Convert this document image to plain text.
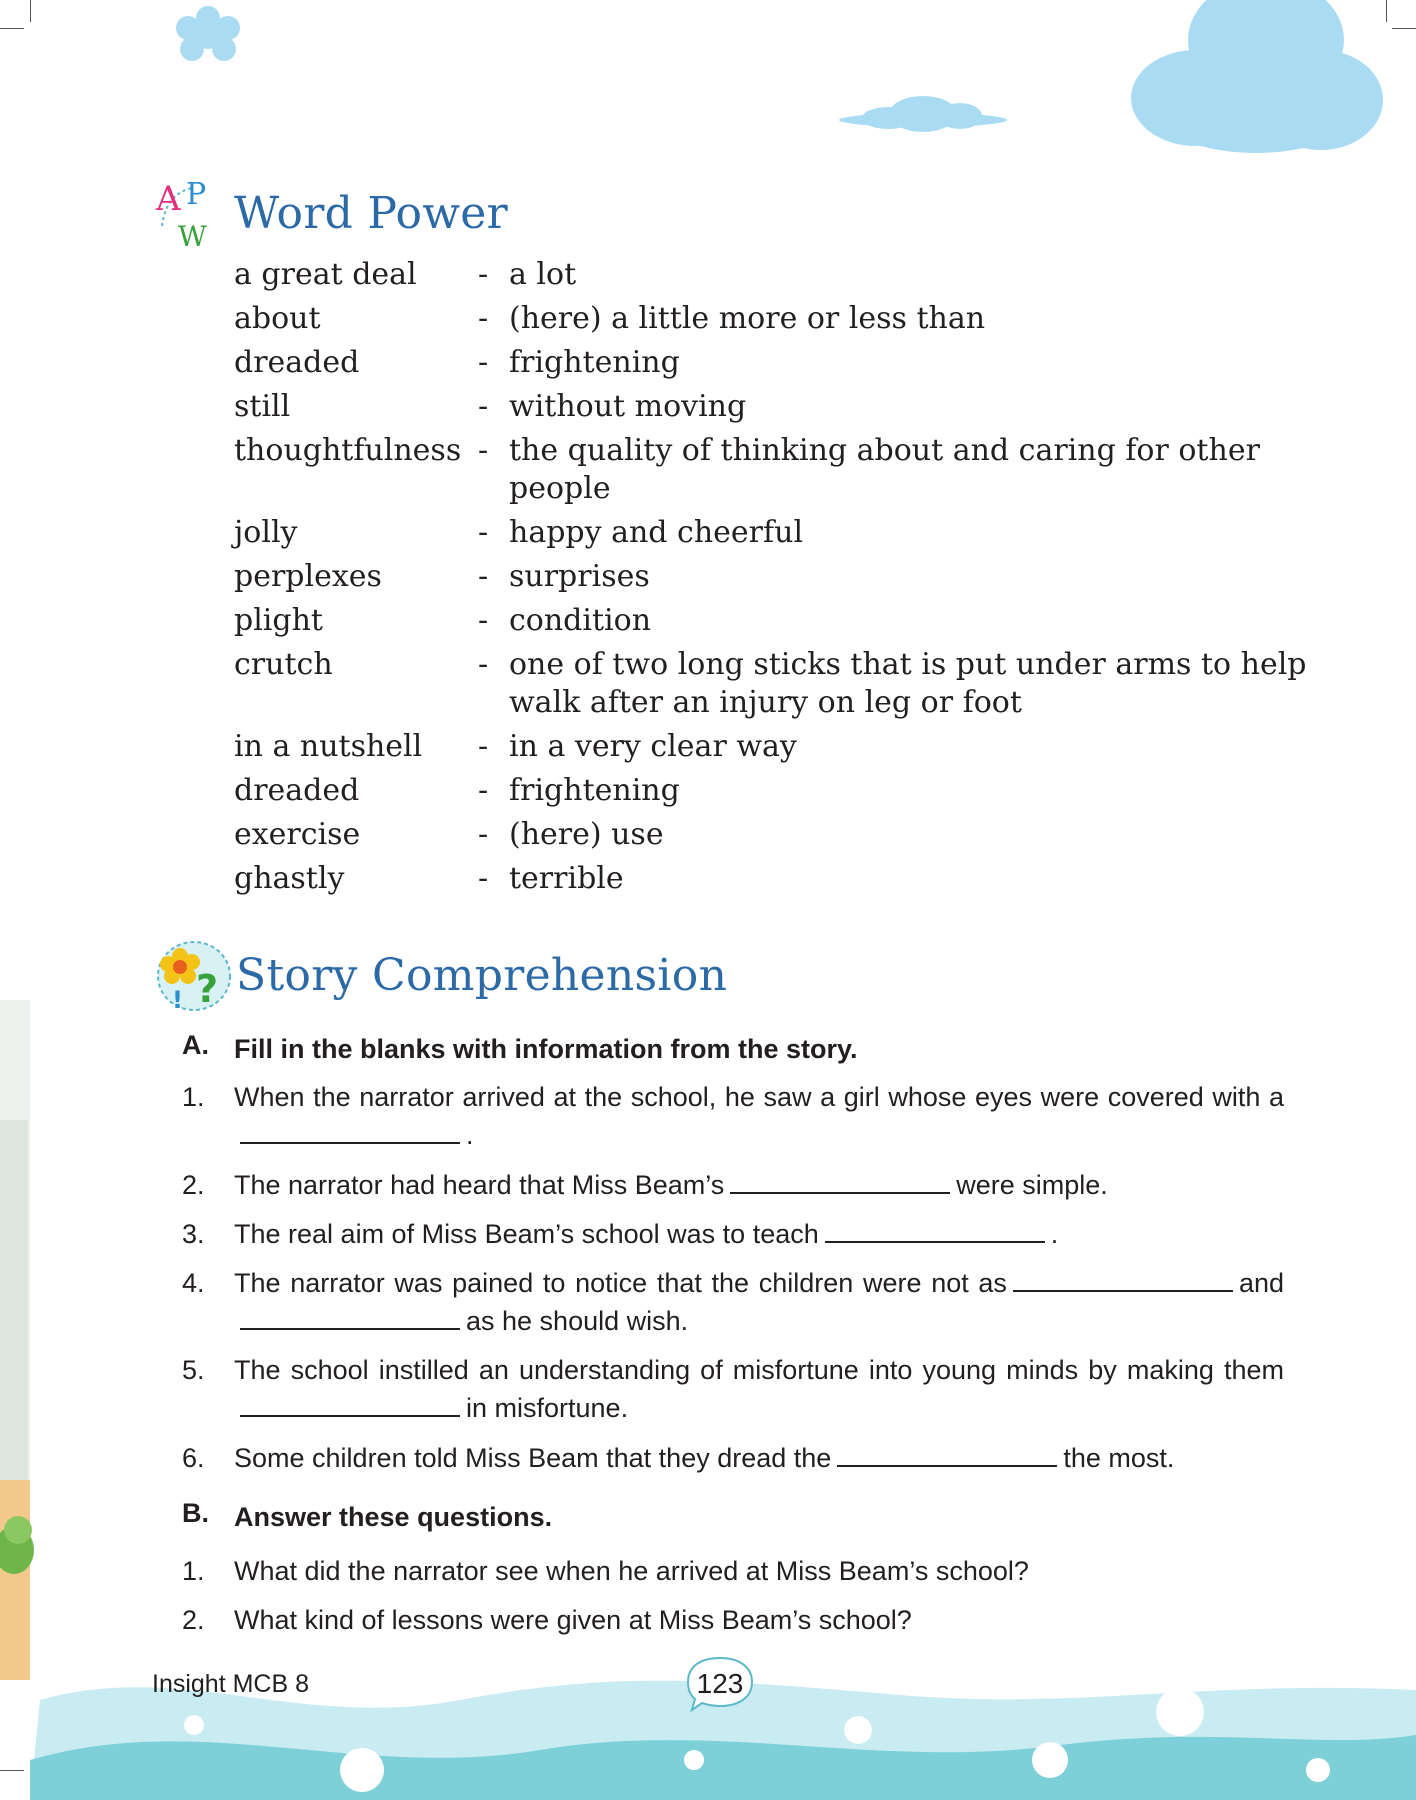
A P
W Word Power
a great deal - a lot
about	- (here) a little more or less than
dreaded	- frightening
still	- without moving
thoughtfulness - the quality of thinking about and caring for other people
jolly	- happy and cheerful
perplexes	- surprises
plight	- condition
crutch	- one of two long sticks that is put under arms to help walk after an injury on leg or foot
in a nutshell - in a very clear way
dreaded	- frightening
exercise	- (here) use
ghastly	- terrible
?
! Story Comprehension
A. Fill in the blanks with information from the story.
1. When the narrator arrived at the school, he saw a girl whose eyes were covered with a.
2. The narrator had heard that Miss Beam’s	were simple.
3. The real aim of Miss Beam’s school was to teach	.
4. The narrator was pained to notice that the children were not as	andas he should wish.
5. The school instilled an understanding of misfortune into young minds by making themin misfortune.
6. Some children told Miss Beam that they dread the	the most.
B. Answer these questions.
1. What did the narrator see when he arrived at Miss Beam’s school?
2. What kind of lessons were given at Miss Beam’s school?
Insight MCB 8	123
